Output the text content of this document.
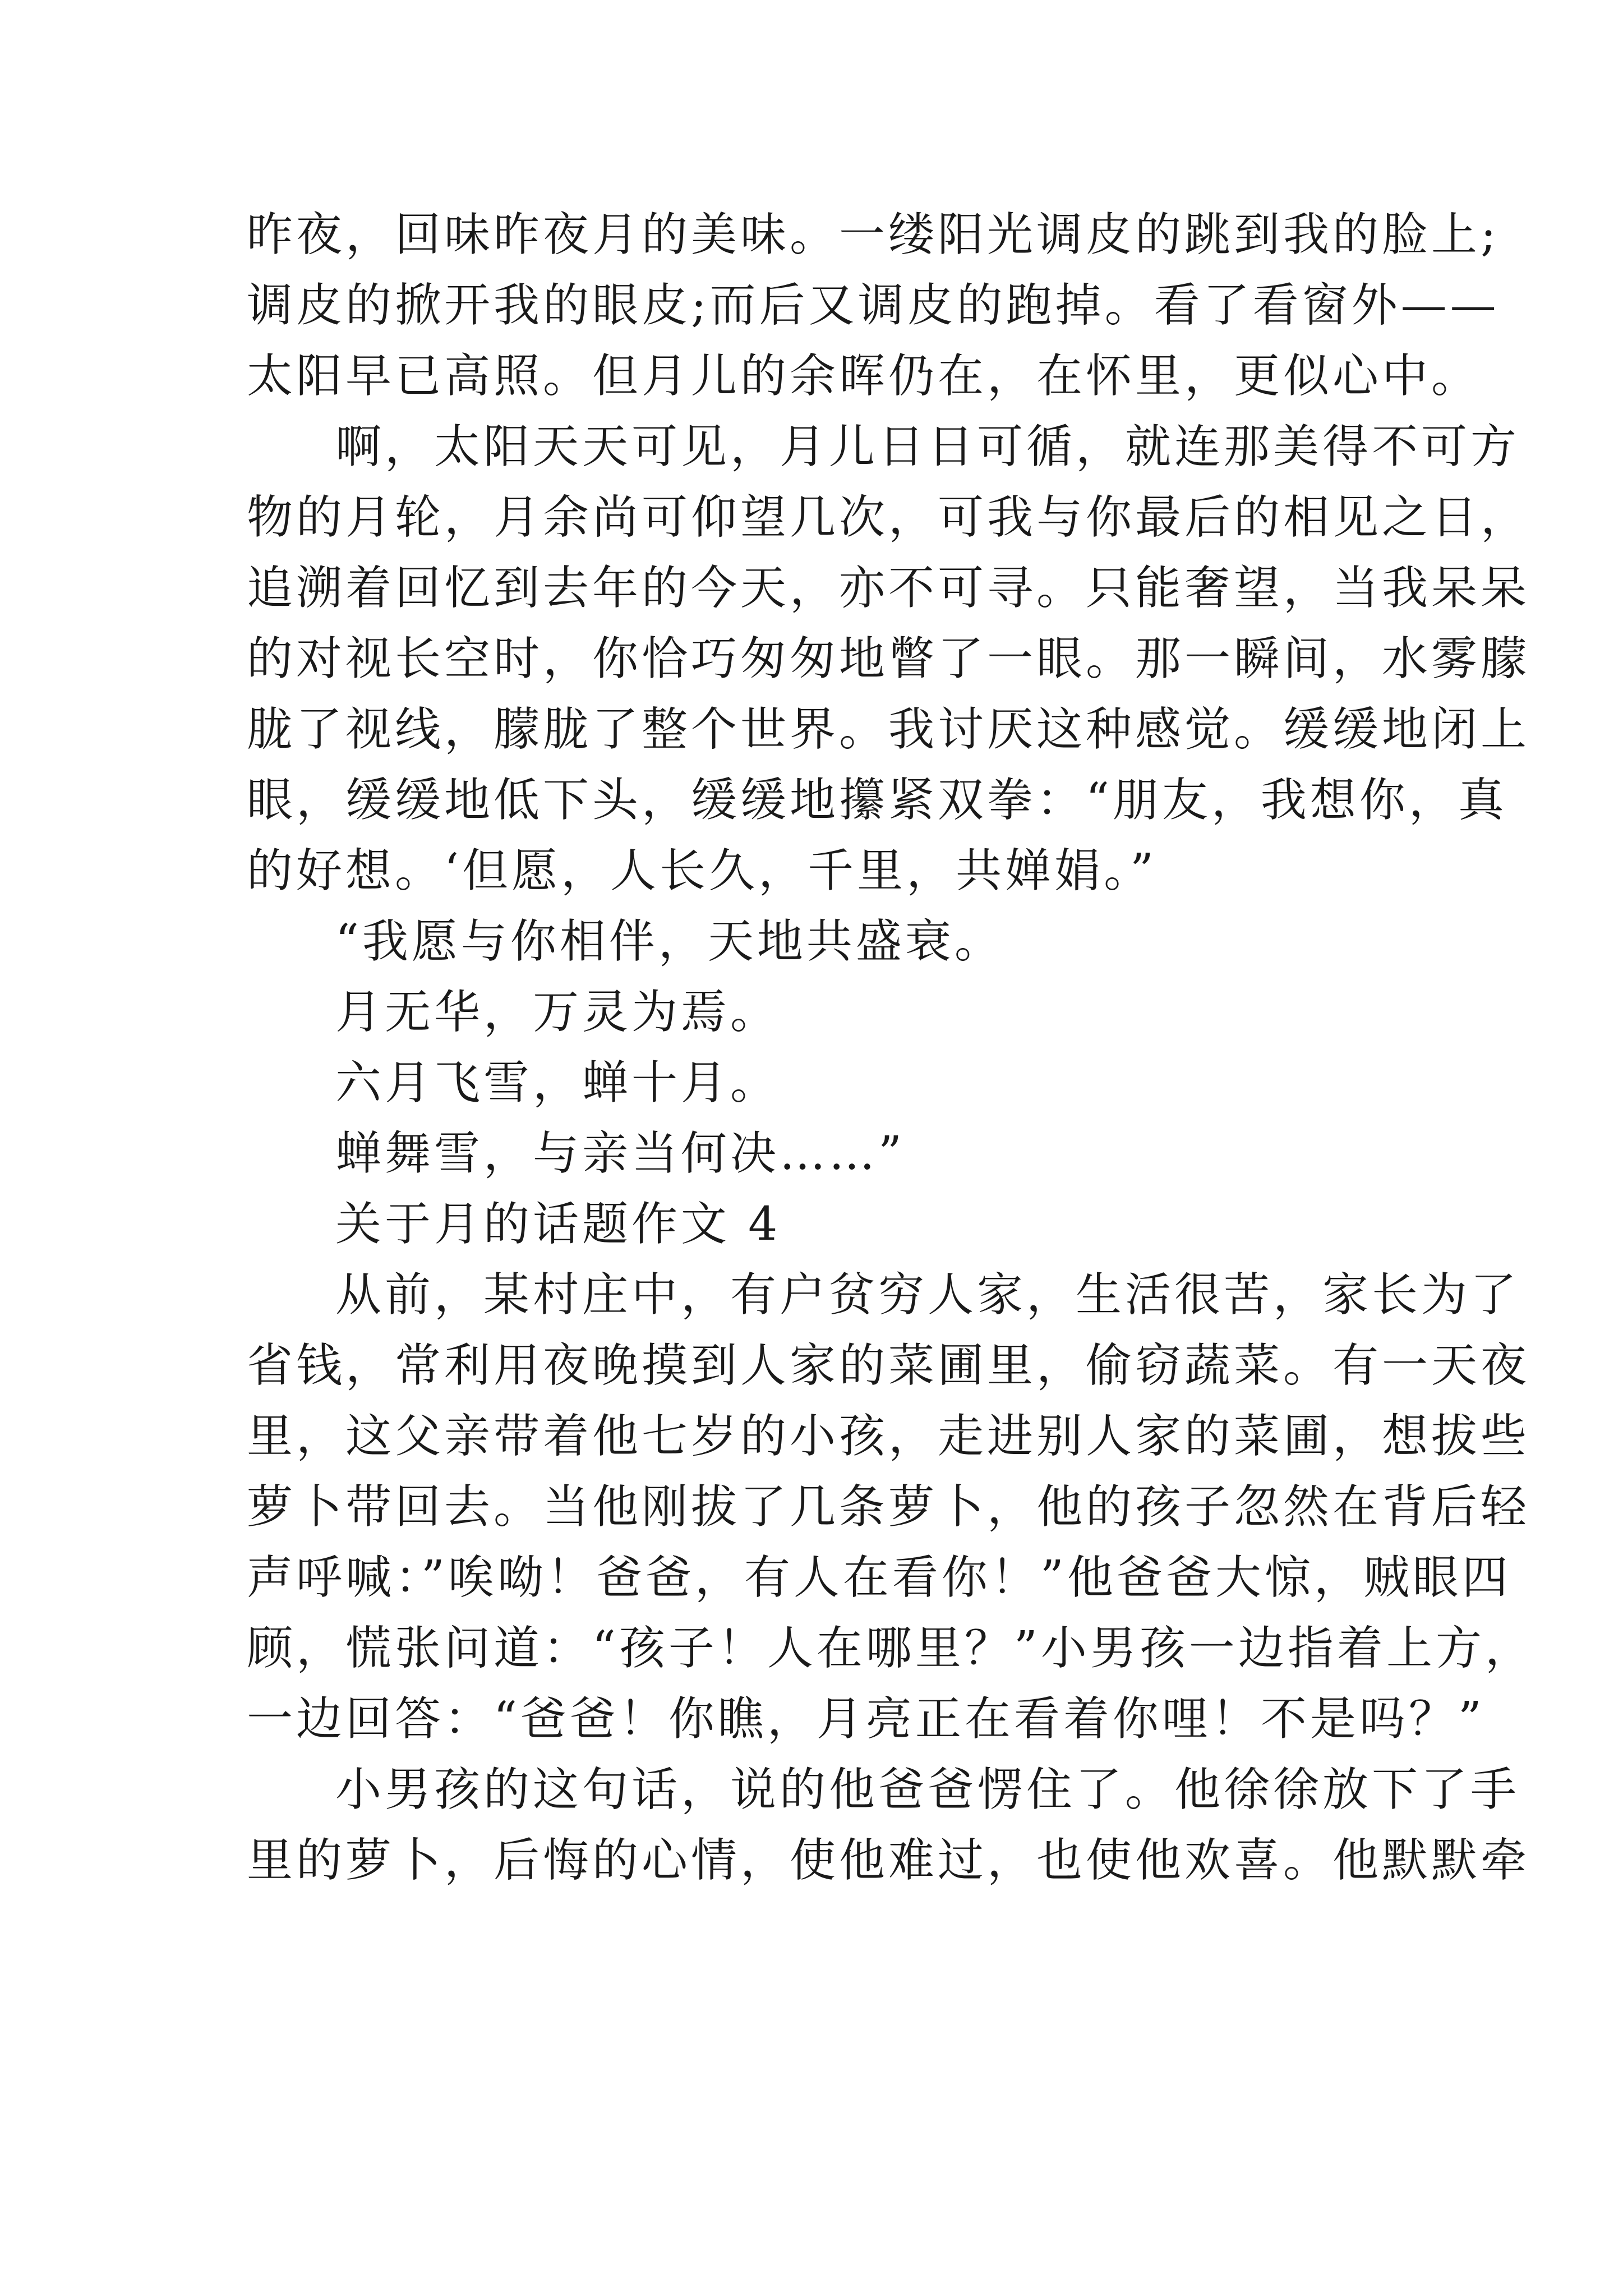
昨夜，回味昨夜月的美味。一缕阳光调皮的跳到我的脸上;
调皮的掀开我的眼皮;而后又调皮的跑掉。看了看窗外——
太阳早已高照。但月儿的余晖仍在，在怀里，更似心中。
啊，太阳天天可见，月儿日日可循，就连那美得不可方
物的月轮，月余尚可仰望几次，可我与你最后的相见之日，
追溯着回忆到去年的今天，亦不可寻。只能奢望，当我呆呆
的对视长空时，你恰巧匆匆地瞥了一眼。那一瞬间，水雾朦
胧了视线，朦胧了整个世界。我讨厌这种感觉。缓缓地闭上
眼，缓缓地低下头，缓缓地攥紧双拳：“朋友，我想你，真
的好想。‘但愿，人长久，千里，共婵娟。”
“我愿与你相伴，天地共盛衰。
月无华，万灵为焉。
六月飞雪，蝉十月。
蝉舞雪，与亲当何决……”
关于月的话题作文 4
从前，某村庄中，有户贫穷人家，生活很苦，家长为了
省钱，常利用夜晚摸到人家的菜圃里，偷窃蔬菜。有一天夜
里，这父亲带着他七岁的小孩，走进别人家的菜圃，想拔些
萝卜带回去。当他刚拔了几条萝卜，他的孩子忽然在背后轻
声呼喊：”唉呦！爸爸，有人在看你！”他爸爸大惊，贼眼四
顾，慌张问道：“孩子！人在哪里？”小男孩一边指着上方，
一边回答：“爸爸！你瞧，月亮正在看着你哩！不是吗？”
小男孩的这句话，说的他爸爸愣住了。他徐徐放下了手
里的萝卜，后悔的心情，使他难过，也使他欢喜。他默默牵
